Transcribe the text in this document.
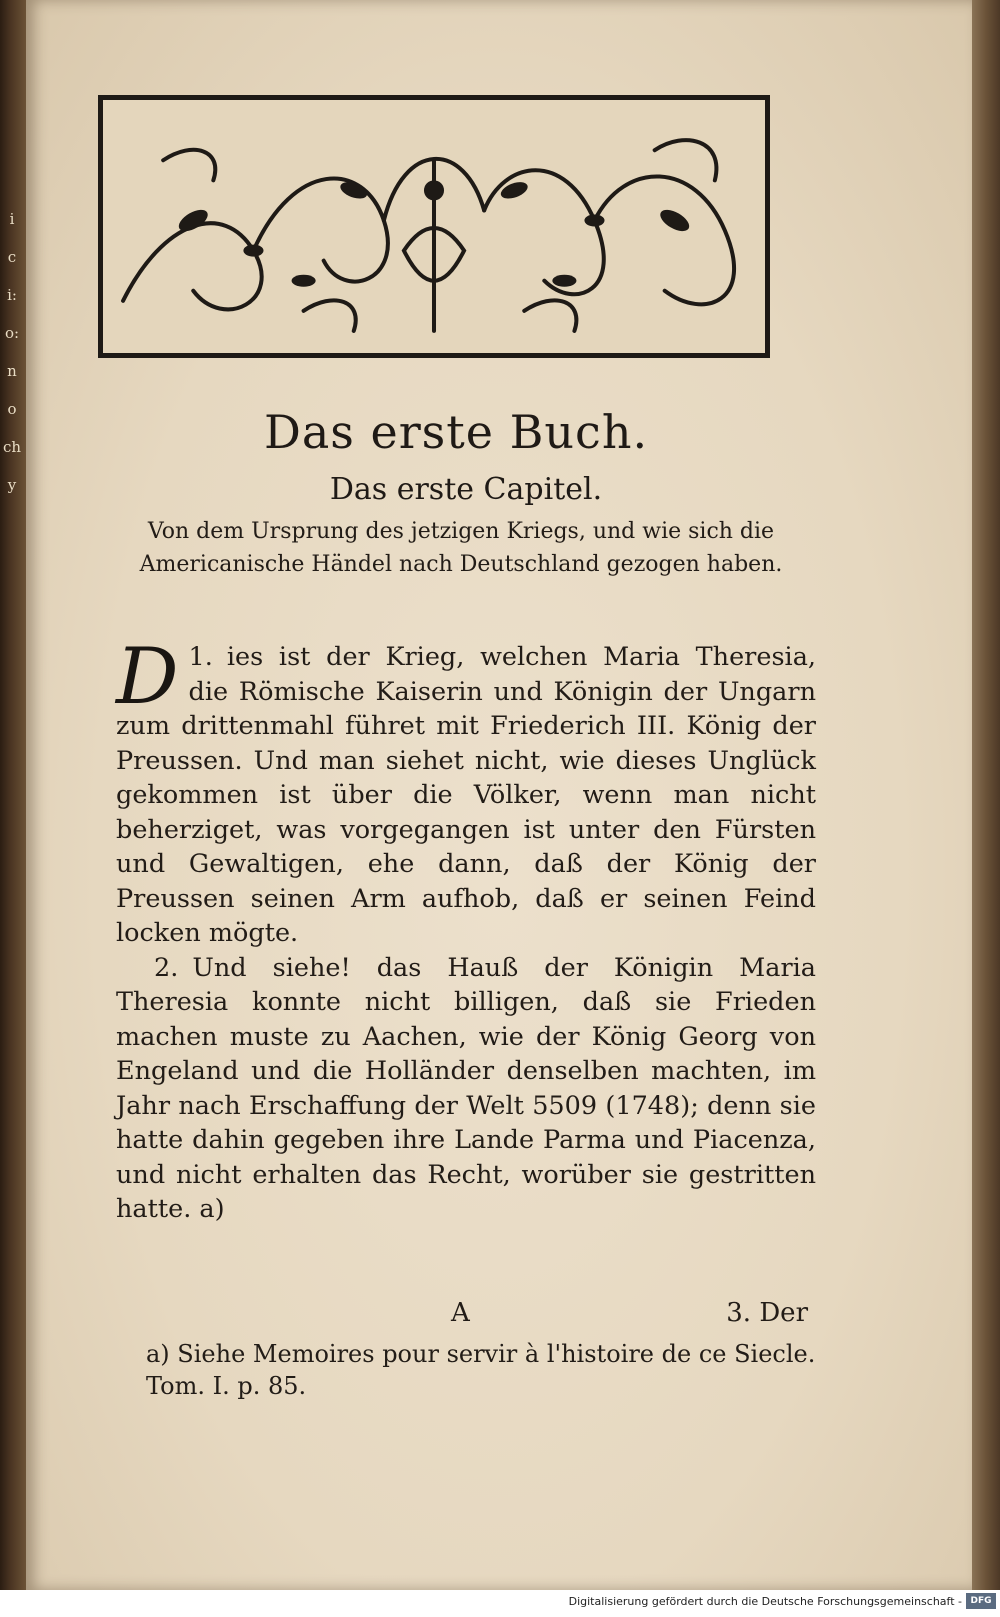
i
c
i:
o:
n
o
ch
y
Das erste Buch.
Das erste Capitel.
Von dem Ursprung des jetzigen Kriegs, und wie sich die Americanische Händel nach Deutschland gezogen haben.

1.
D ies ist der Krieg, welchen Maria Theresia, die Römische Kaiserin und Königin der Ungarn zum drittenmahl führet mit Friederich III. König der Preussen. Und man siehet nicht, wie dieses Unglück gekommen ist über die Völker, wenn man nicht beherziget, was vorgegangen ist unter den Fürsten und Gewaltigen, ehe dann, daß der König der Preussen seinen Arm aufhob, daß er seinen Feind locken mögte.

2. Und siehe! das Hauß der Königin Maria Theresia konnte nicht billigen, daß sie Frieden machen muste zu Aachen, wie der König Georg von Engeland und die Holländer denselben machten, im Jahr nach Erschaffung der Welt 5509 (1748); denn sie hatte dahin gegeben ihre Lande Parma und Piacenza, und nicht erhalten das Recht, worüber sie gestritten hatte. a)

A	3. Der
a) Siehe Memoires pour servir à l'histoire de ce Siecle. Tom. I. p. 85.
Digitalisierung gefördert durch die Deutsche Forschungsgemeinschaft - DFG
